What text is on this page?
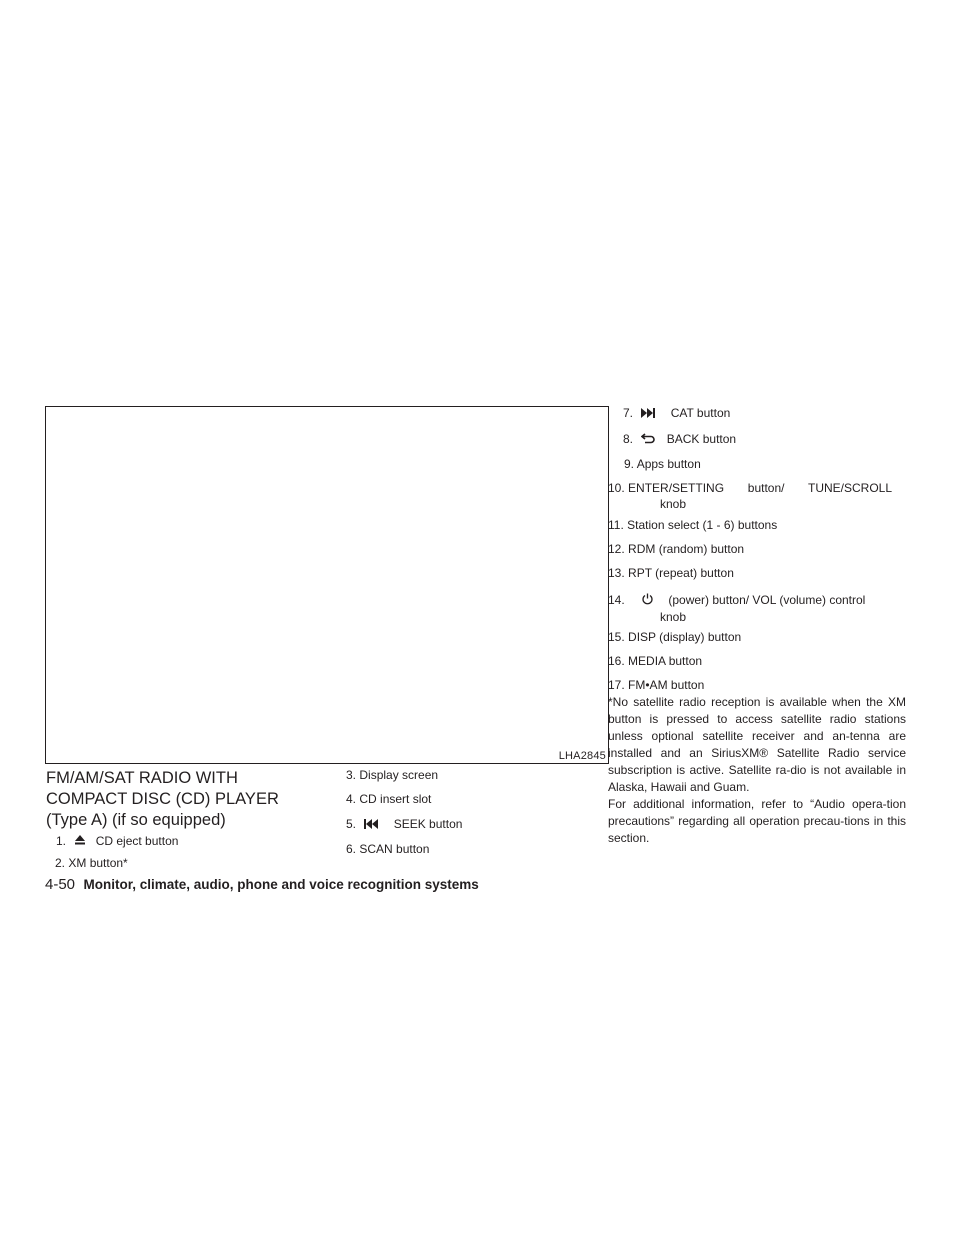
LHA2845
FM/AM/SAT RADIO WITH COMPACT DISC (CD) PLAYER (Type A) (if so equipped)
1. CD eject button
2. XM button*
3. Display screen
4. CD insert slot
5.	SEEK button
6. SCAN button
7.	CAT button
8.	BACK button
9. Apps button
10. ENTER/SETTING button/ TUNE/SCROLL
knob
11. Station select (1 - 6) buttons
12. RDM (random) button
13. RPT (repeat) button
14.	(power) button/ VOL (volume) control
knob
15. DISP (display) button
16. MEDIA button
17. FM•AM button

*No satellite radio reception is available when the XM button is pressed to access satellite radio stations unless optional satellite receiver and an-tenna are installed and an SiriusXM® Satellite Radio service subscription is active. Satellite ra-dio is not available in Alaska, Hawaii and Guam.

For additional information, refer to “Audio opera-tion precautions” regarding all operation precau-tions in this section.

4-50 Monitor, climate, audio, phone and voice recognition systems
